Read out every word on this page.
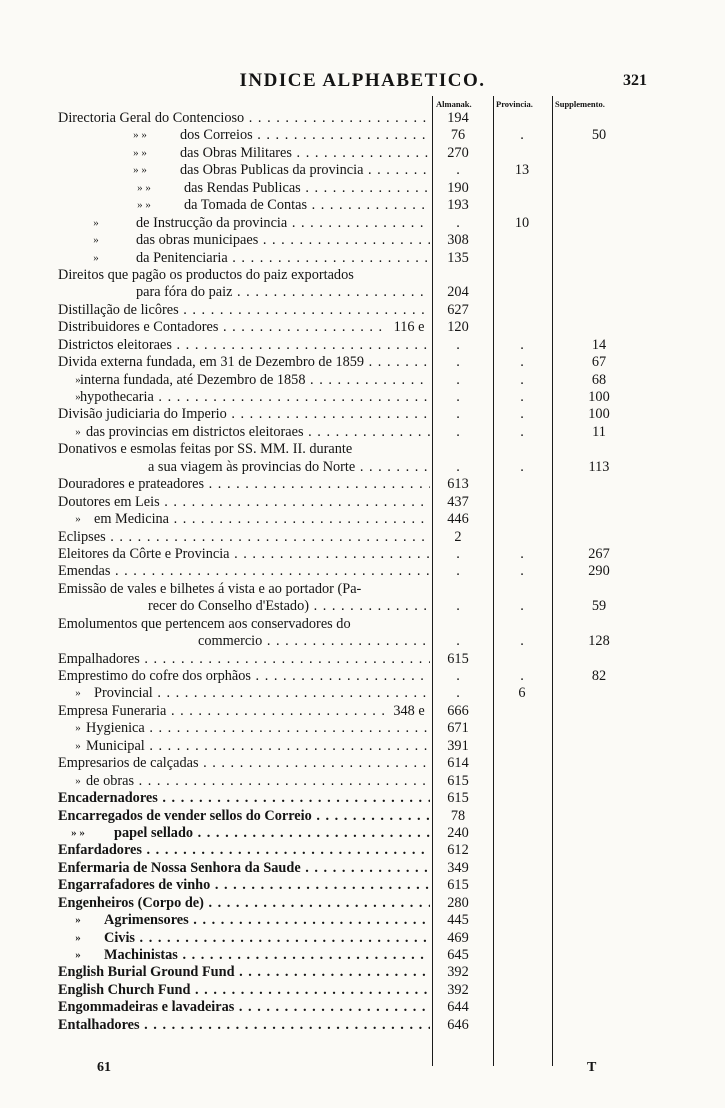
INDICE ALPHABETICO.	321
Almanak.	Provincia.	Supplemento.
Directoria Geral do Contencioso . . .	194
» »	dos Correios . . .	76	.	50
» »	das Obras Militares . . .	270
» »	das Obras Publicas da provincia . . .	.	13
» »	das Rendas Publicas . . .	190
» »	da Tomada de Contas . . .	193
»	de Instrucção da provincia . . .	.	10
»	das obras municipaes . . .	308
»	da Penitenciaria . . .	135
Direitos que pagão os productos do paiz exportados
para fóra do paiz . . .	204
Distillação de licôres . . .	627
Distribuidores e Contadores . . .	116 e	120
Districtos eleitoraes . . .	.	.	14
Divida externa fundada, em 31 de Dezembro de 1859 . . .	.	.	67
» interna fundada, até Dezembro de 1858 . . .	.	.	68
» hypothecaria . . .	.	.	100
Divisão judiciaria do Imperio . . .	.	.	100
» das provincias em districtos eleitoraes . . .	.	.	11
Donativos e esmolas feitas por SS. MM. II. durante
a sua viagem às provincias do Norte . . .	.	.	113
Douradores e prateadores . . .	613
Doutores em Leis . . .	437
» em Medicina . . .	446
Eclipses . . .	2
Eleitores da Côrte e Provincia . . .	.	.	267
Emendas . . .	.	.	290
Emissão de vales e bilhetes á vista e ao portador (Pa-
recer do Conselho d'Estado) . . .	.	.	59
Emolumentos que pertencem aos conservadores do
commercio . . .	.	.	128
Empalhadores . . .	615
Emprestimo do cofre dos orphãos . . .	.	.	82
» Provincial . . .	.	6
Empresa Funeraria . . .	348 e	666
» Hygienica . . .	671
» Municipal . . .	391
Empresarios de calçadas . . .	614
» de obras . . .	615
Encadernadores . . .	615
Encarregados de vender sellos do Correio . . .	78
» »	papel sellado . . .	240
Enfardadores . . .	612
Enfermaria de Nossa Senhora da Saude . . .	349
Engarrafadores de vinho . . .	615
Engenheiros (Corpo de) . . .	280
»	Agrimensores . . .	445
»	Civis . . .	469
»	Machinistas . . .	645
English Burial Ground Fund . . .	392
English Church Fund . . .	392
Engommadeiras e lavadeiras . . .	644
Entalhadores . . .	646
61	T
